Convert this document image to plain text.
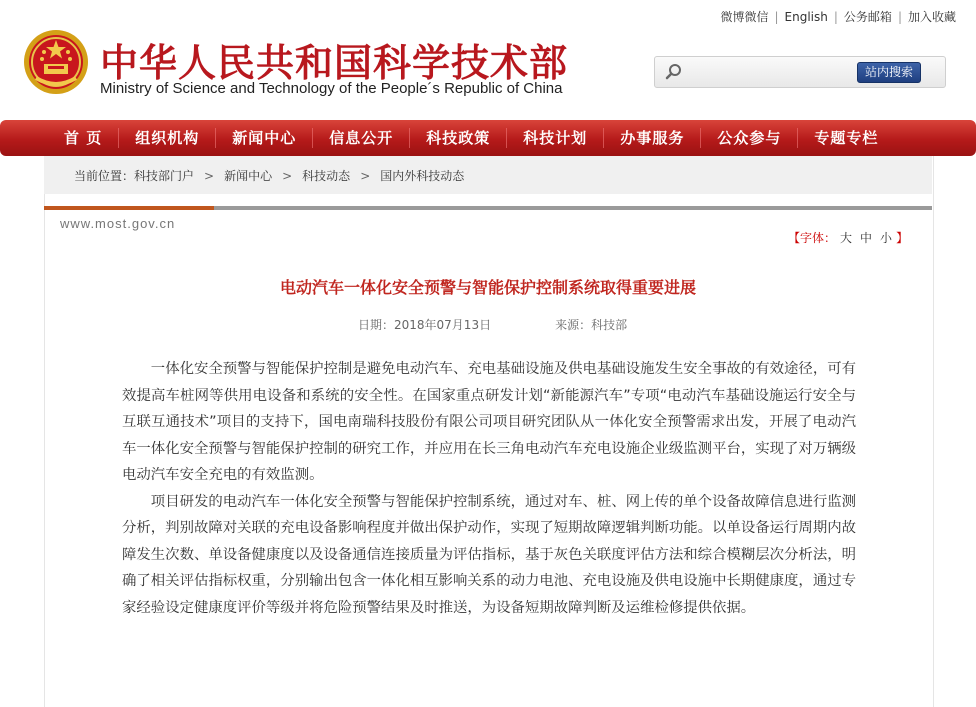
微博微信 | English | 公务邮箱 | 加入收藏
中华人民共和国科学技术部
Ministry of Science and Technology of the People´s Republic of China
站内搜索
首 页	组织机构	新闻中心	信息公开	科技政策	科技计划	办事服务	公众参与	专题专栏
当前位置：科技部门户 > 新闻中心 > 科技动态 > 国内外科技动态
www.most.gov.cn
【字体： 大 中 小 】
电动汽车一体化安全预警与智能保护控制系统取得重要进展
日期：2018年07月13日	来源：科技部

一体化安全预警与智能保护控制是避免电动汽车、充电基础设施及供电基础设施发生安全事故的有效途径，可有效提高车桩网等供用电设备和系统的安全性。在国家重点研发计划“新能源汽车”专项“电动汽车基础设施运行安全与互联互通技术”项目的支持下，国电南瑞科技股份有限公司项目研究团队从一体化安全预警需求出发，开展了电动汽车一体化安全预警与智能保护控制的研究工作，并应用在长三角电动汽车充电设施企业级监测平台，实现了对万辆级电动汽车安全充电的有效监测。

项目研发的电动汽车一体化安全预警与智能保护控制系统，通过对车、桩、网上传的单个设备故障信息进行监测分析，判别故障对关联的充电设备影响程度并做出保护动作，实现了短期故障逻辑判断功能。以单设备运行周期内故障发生次数、单设备健康度以及设备通信连接质量为评估指标，基于灰色关联度评估方法和综合模糊层次分析法，明确了相关评估指标权重，分别输出包含一体化相互影响关系的动力电池、充电设施及供电设施中长期健康度，通过专家经验设定健康度评价等级并将危险预警结果及时推送，为设备短期故障判断及运维检修提供依据。
